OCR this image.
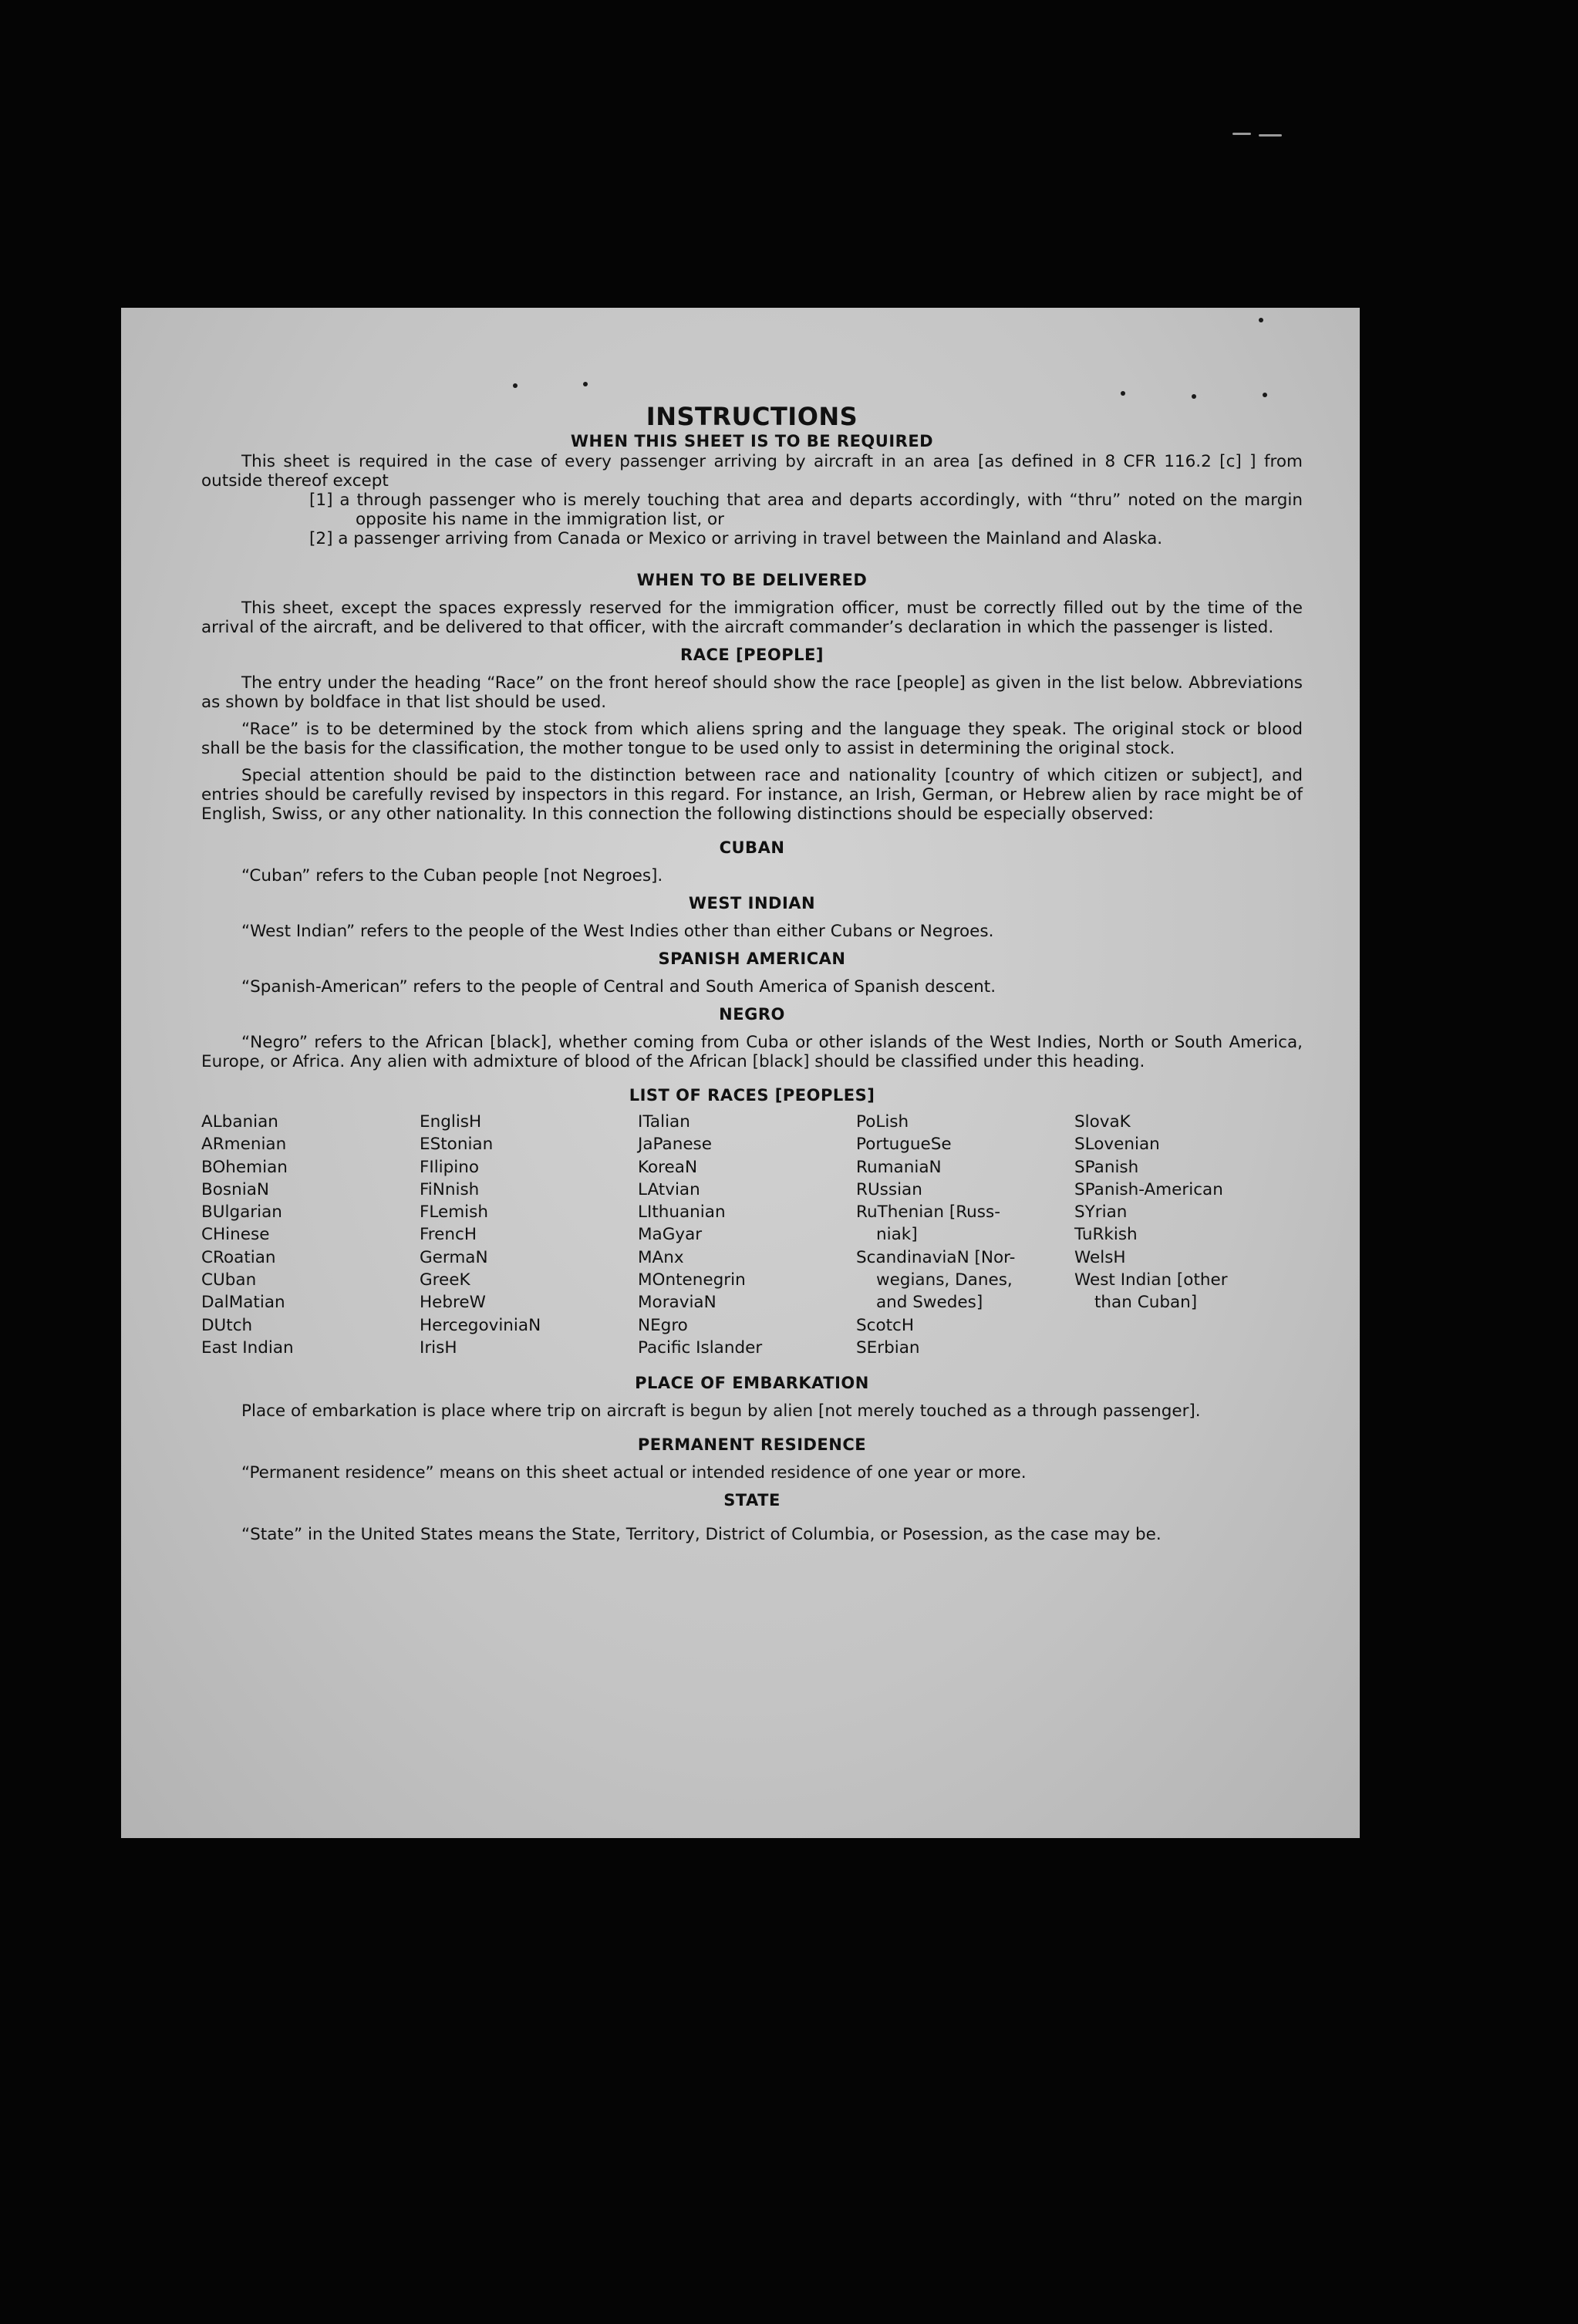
INSTRUCTIONS
WHEN THIS SHEET IS TO BE REQUIRED

This sheet is required in the case of every passenger arriving by aircraft in an area [as defined in 8 CFR 116.2 [c] ] from outside thereof except

[1] a through passenger who is merely touching that area and departs accordingly, with “thru” noted on the margin opposite his name in the immigration list, or

[2] a passenger arriving from Canada or Mexico or arriving in travel between the Mainland and Alaska.

WHEN TO BE DELIVERED

This sheet, except the spaces expressly reserved for the immigration officer, must be correctly filled out by the time of the arrival of the aircraft, and be delivered to that officer, with the aircraft commander’s declaration in which the passenger is listed.

RACE [PEOPLE]

The entry under the heading “Race” on the front hereof should show the race [people] as given in the list below. Abbreviations as shown by boldface in that list should be used.

“Race” is to be determined by the stock from which aliens spring and the language they speak. The original stock or blood shall be the basis for the classification, the mother tongue to be used only to assist in determining the original stock.

Special attention should be paid to the distinction between race and nationality [country of which citizen or subject], and entries should be carefully revised by inspectors in this regard. For instance, an Irish, German, or Hebrew alien by race might be of English, Swiss, or any other nationality. In this connection the following distinctions should be especially observed:

CUBAN

“Cuban” refers to the Cuban people [not Negroes].

WEST INDIAN

“West Indian” refers to the people of the West Indies other than either Cubans or Negroes.

SPANISH AMERICAN

“Spanish-American” refers to the people of Central and South America of Spanish descent.

NEGRO

“Negro” refers to the African [black], whether coming from Cuba or other islands of the West Indies, North or South America, Europe, or Africa. Any alien with admixture of blood of the African [black] should be classified under this heading.

LIST OF RACES [PEOPLES]
ALbanian
ARmenian
BOhemian
BosniaN
BUlgarian
CHinese
CRoatian
CUban
DalMatian
DUtch
East Indian
EnglisH
EStonian
FIlipino
FiNnish
FLemish
FrencH
GermaN
GreeK
HebreW
HercegoviniaN
IrisH
ITalian
JaPanese
KoreaN
LAtvian
LIthuanian
MaGyar
MAnx
MOntenegrin
MoraviaN
NEgro
Pacific Islander
PoLish
PortugueSe
RumaniaN
RUssian
RuThenian [Russ-
niak]
ScandinaviaN [Nor-
wegians, Danes,
and Swedes]
ScotcH
SErbian
SlovaK
SLovenian
SPanish
SPanish-American
SYrian
TuRkish
WelsH
West Indian [other
than Cuban]
PLACE OF EMBARKATION

Place of embarkation is place where trip on aircraft is begun by alien [not merely touched as a through passenger].

PERMANENT RESIDENCE

“Permanent residence” means on this sheet actual or intended residence of one year or more.

STATE

“State” in the United States means the State, Territory, District of Columbia, or Posession, as the case may be.
